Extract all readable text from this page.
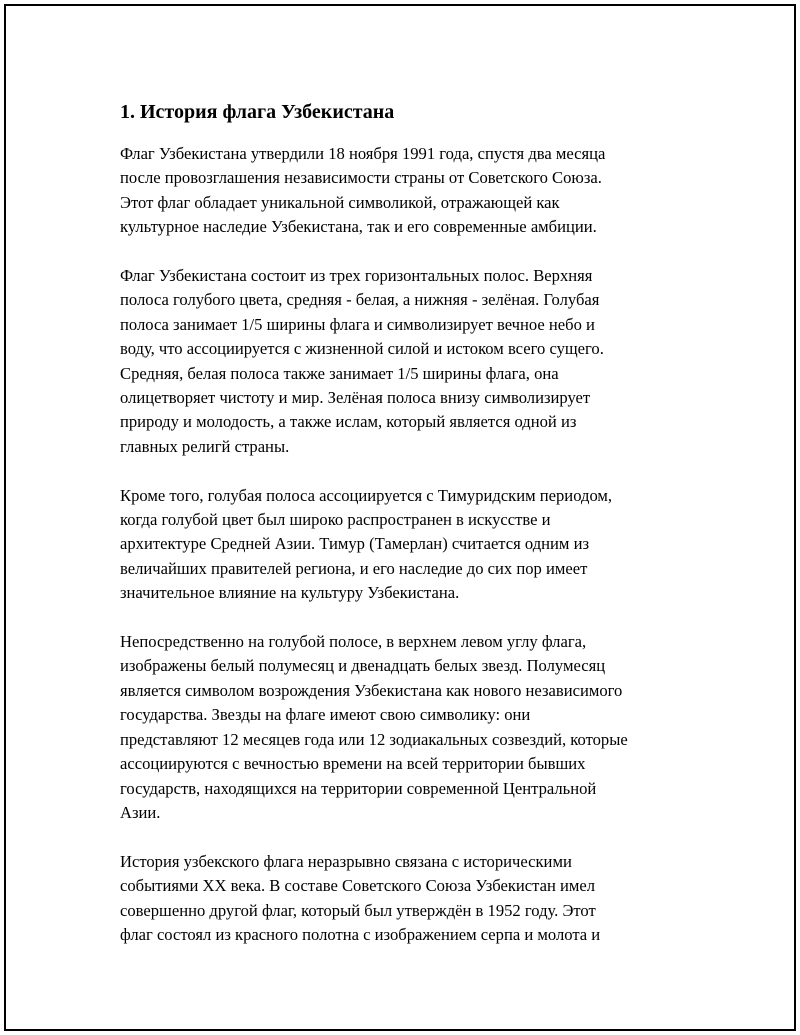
1. История флага Узбекистана
Флаг Узбекистана утвердили 18 ноября 1991 года, спустя два месяца
после провозглашения независимости страны от Советского Союза.
Этот флаг обладает уникальной символикой, отражающей как
культурное наследие Узбекистана, так и его современные амбиции.
Флаг Узбекистана состоит из трех горизонтальных полос. Верхняя
полоса голубого цвета, средняя - белая, а нижняя - зелёная. Голубая
полоса занимает 1/5 ширины флага и символизирует вечное небо и
воду, что ассоциируется с жизненной силой и истоком всего сущего.
Средняя, белая полоса также занимает 1/5 ширины флага, она
олицетворяет чистоту и мир. Зелёная полоса внизу символизирует
природу и молодость, а также ислам, который является одной из
главных религй страны.
Кроме того, голубая полоса ассоциируется с Тимуридским периодом,
когда голубой цвет был широко распространен в искусстве и
архитектуре Средней Азии. Тимур (Тамерлан) считается одним из
величайших правителей региона, и его наследие до сих пор имеет
значительное влияние на культуру Узбекистана.
Непосредственно на голубой полосе, в верхнем левом углу флага,
изображены белый полумесяц и двенадцать белых звезд. Полумесяц
является символом возрождения Узбекистана как нового независимого
государства. Звезды на флаге имеют свою символику: они
представляют 12 месяцев года или 12 зодиакальных созвездий, которые
ассоциируются с вечностью времени на всей территории бывших
государств, находящихся на территории современной Центральной
Азии.
История узбекского флага неразрывно связана с историческими
событиями XX века. В составе Советского Союза Узбекистан имел
совершенно другой флаг, который был утверждён в 1952 году. Этот
флаг состоял из красного полотна с изображением серпа и молота и
